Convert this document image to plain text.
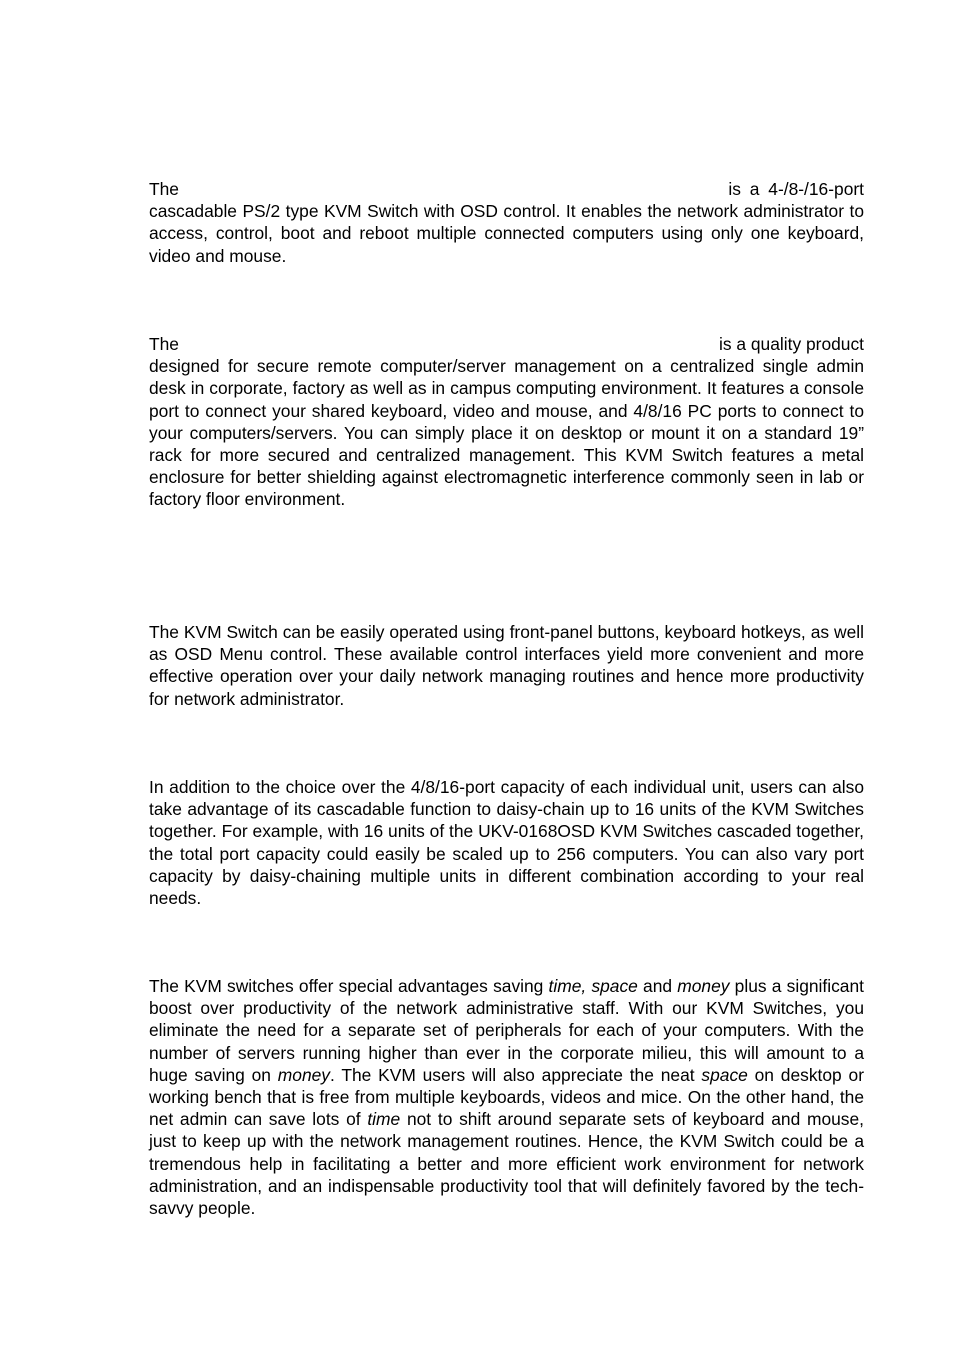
The	is a 4-/8-/16-port
cascadable PS/2 type KVM Switch with OSD control. It enables the network administrator to access, control, boot and reboot multiple connected computers using only one keyboard, video and mouse.
The	is a quality product
designed for secure remote computer/server management on a centralized single admin desk in corporate, factory as well as in campus computing environment. It features a console port to connect your shared keyboard, video and mouse, and 4/8/16 PC ports to connect to your computers/servers. You can simply place it on desktop or mount it on a standard 19” rack for more secured and centralized management. This KVM Switch features a metal enclosure for better shielding against electromagnetic interference commonly seen in lab or factory floor environment.
The KVM Switch can be easily operated using front-panel buttons, keyboard hotkeys, as well as OSD Menu control. These available control interfaces yield more convenient and more effective operation over your daily network managing routines and hence more productivity for network administrator.
In addition to the choice over the 4/8/16-port capacity of each individual unit, users can also take advantage of its cascadable function to daisy-chain up to 16 units of the KVM Switches together. For example, with 16 units of the UKV-0168OSD KVM Switches cascaded together, the total port capacity could easily be scaled up to 256 computers. You can also vary port capacity by daisy-chaining multiple units in different combination according to your real needs.
The KVM switches offer special advantages saving time, space and money plus a significant boost over productivity of the network administrative staff. With our KVM Switches, you eliminate the need for a separate set of peripherals for each of your computers. With the number of servers running higher than ever in the corporate milieu, this will amount to a huge saving on money. The KVM users will also appreciate the neat space on desktop or working bench that is free from multiple keyboards, videos and mice. On the other hand, the net admin can save lots of time not to shift around separate sets of keyboard and mouse, just to keep up with the network management routines. Hence, the KVM Switch could be a tremendous help in facilitating a better and more efficient work environment for network administration, and an indispensable productivity tool that will definitely favored by the tech-savvy people.
